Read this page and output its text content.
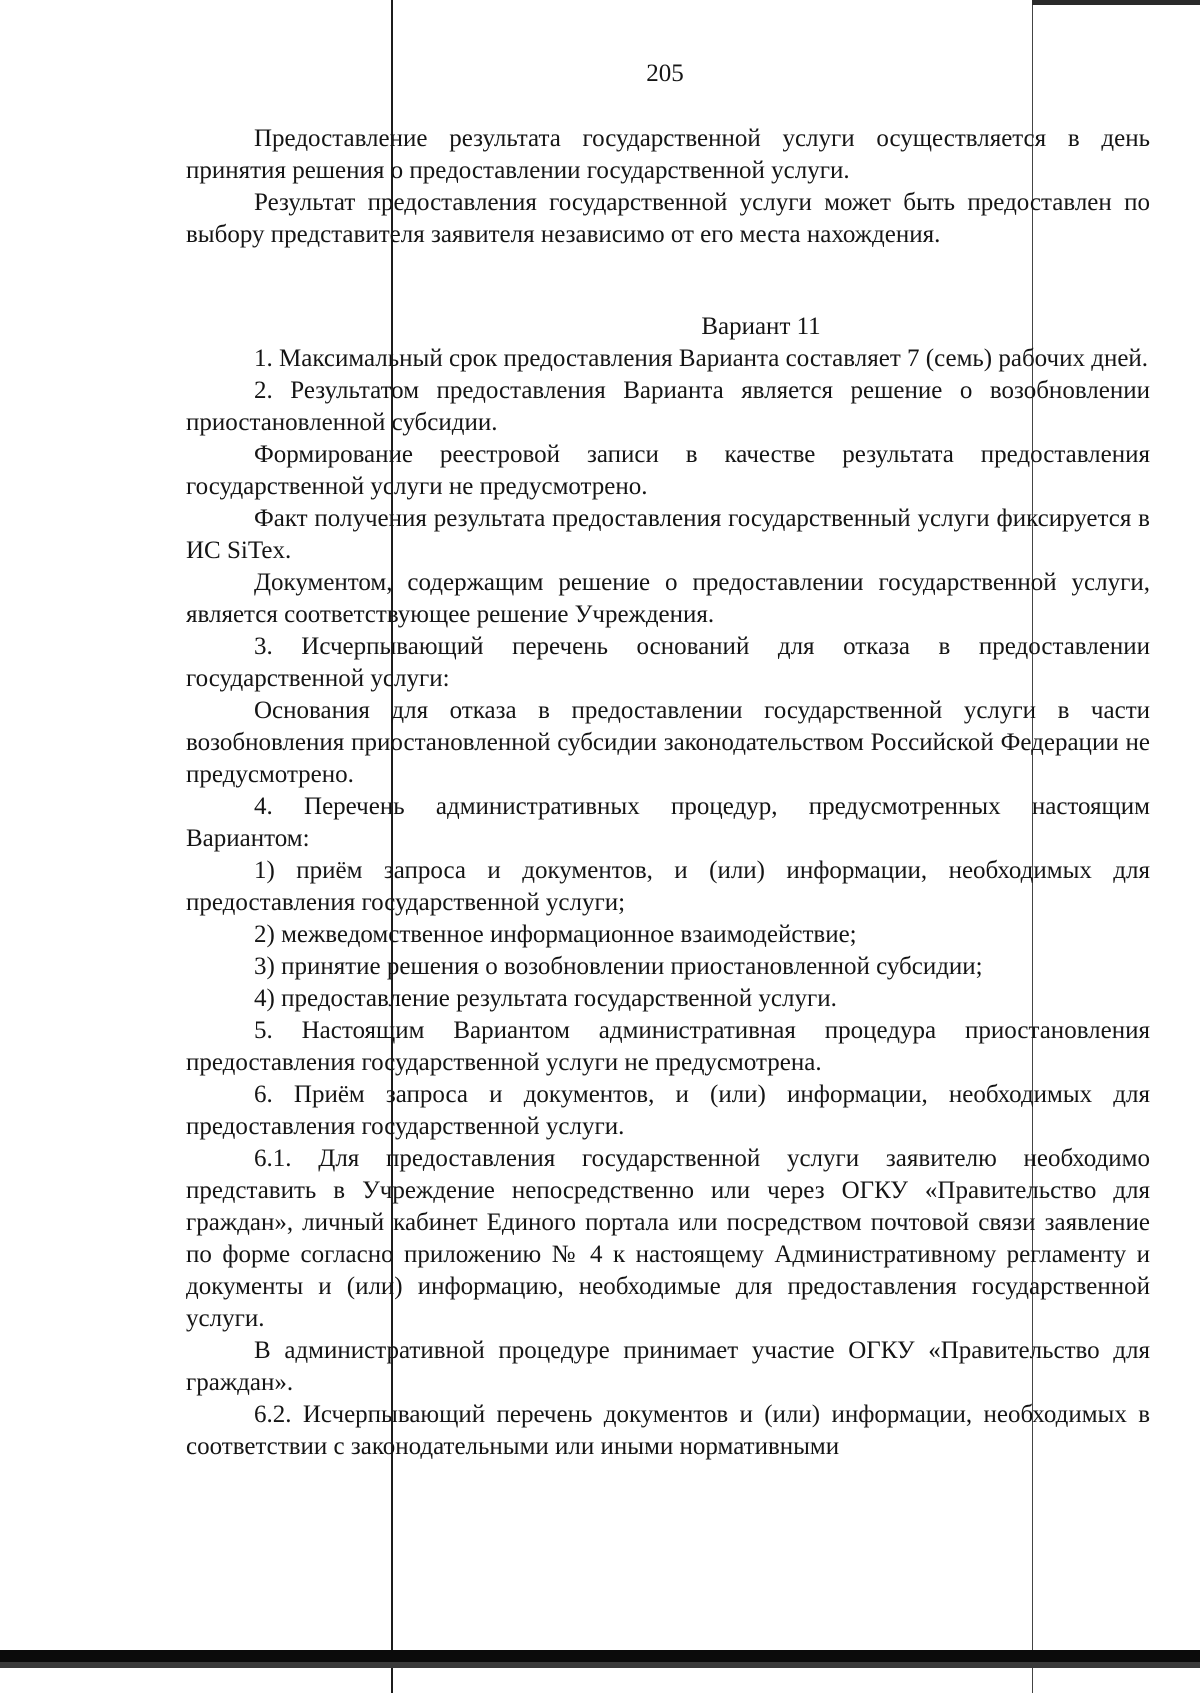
205

Предоставление результата государственной услуги осуществляется в день принятия решения о предоставлении государственной услуги.

Результат предоставления государственной услуги может быть предоставлен по выбору представителя заявителя независимо от его места нахождения.

Вариант 11

1. Максимальный срок предоставления Варианта составляет 7 (семь) рабочих дней.

2. Результатом предоставления Варианта является решение о возобновлении приостановленной субсидии.

Формирование реестровой записи в качестве результата предоставления государственной услуги не предусмотрено.

Факт получения результата предоставления государственный услуги фиксируется в ИС SiTex.

Документом, содержащим решение о предоставлении государственной услуги, является соответствующее решение Учреждения.

3. Исчерпывающий перечень оснований для отказа в предоставлении государственной услуги:

Основания для отказа в предоставлении государственной услуги в части возобновления приостановленной субсидии законодательством Российской Федерации не предусмотрено.

4. Перечень административных процедур, предусмотренных настоящим Вариантом:

1) приём запроса и документов, и (или) информации, необходимых для предоставления государственной услуги;

2) межведомственное информационное взаимодействие;

3) принятие решения о возобновлении приостановленной субсидии;

4) предоставление результата государственной услуги.

5. Настоящим Вариантом административная процедура приостановления предоставления государственной услуги не предусмотрена.

6. Приём запроса и документов, и (или) информации, необходимых для предоставления государственной услуги.

6.1. Для предоставления государственной услуги заявителю необходимо представить в Учреждение непосредственно или через ОГКУ «Правительство для граждан», личный кабинет Единого портала или посредством почтовой связи заявление по форме согласно приложению № 4 к настоящему Административному регламенту и документы и (или) информацию, необходимые для предоставления государственной услуги.

В административной процедуре принимает участие ОГКУ «Правительство для граждан».

6.2. Исчерпывающий перечень документов и (или) информации, необходимых в соответствии с законодательными или иными нормативными
